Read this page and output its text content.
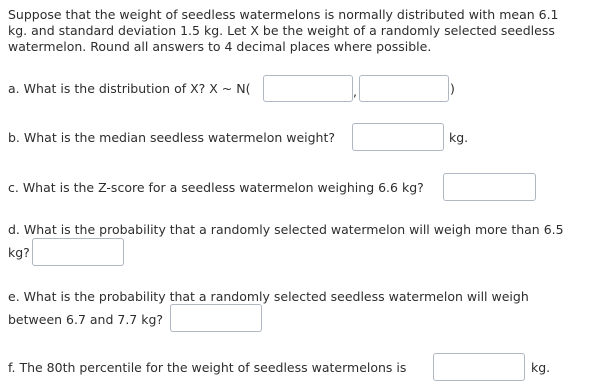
Suppose that the weight of seedless watermelons is normally distributed with mean 6.1
kg. and standard deviation 1.5 kg. Let X be the weight of a randomly selected seedless
watermelon. Round all answers to 4 decimal places where possible.
a. What is the distribution of X? X ~ N(	,	)
b. What is the median seedless watermelon weight?	kg.
c. What is the Z-score for a seedless watermelon weighing 6.6 kg?
d. What is the probability that a randomly selected watermelon will weigh more than 6.5
kg?
e. What is the probability that a randomly selected seedless watermelon will weigh
between 6.7 and 7.7 kg?
f. The 80th percentile for the weight of seedless watermelons is	kg.
